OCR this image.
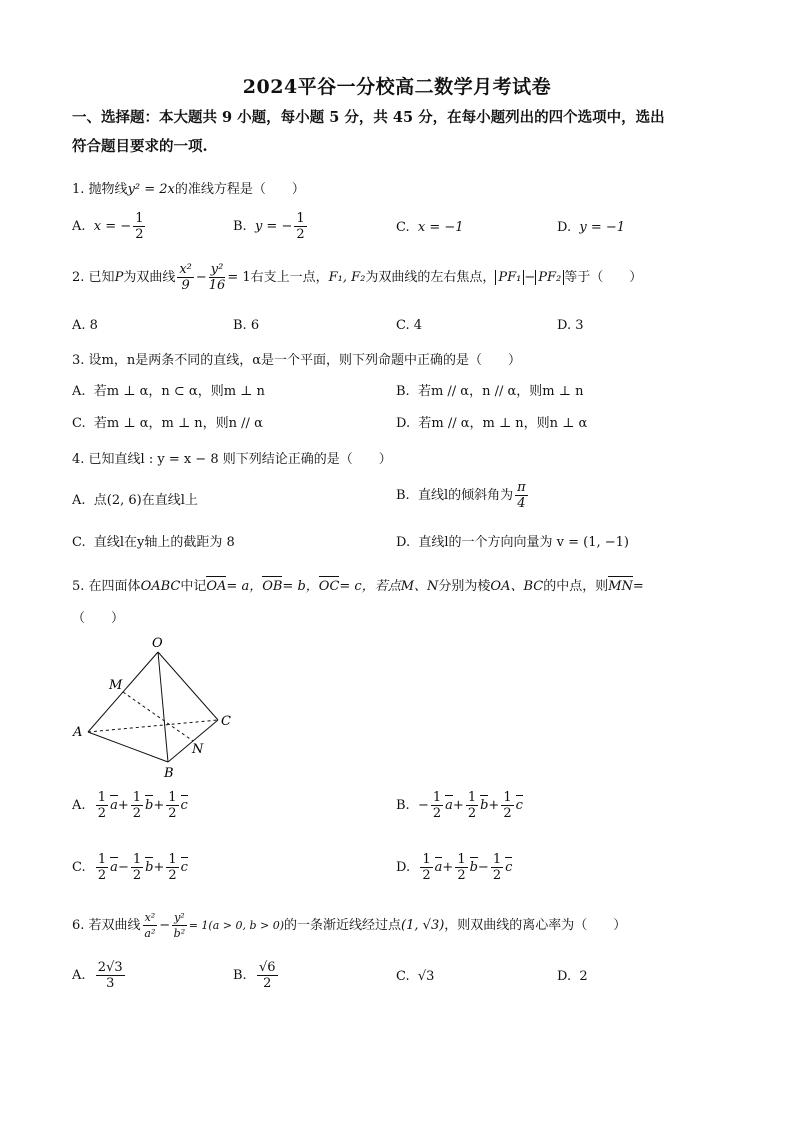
2024平谷一分校高二数学月考试卷
一、选择题：本大题共 9 小题，每小题 5 分，共 45 分，在每小题列出的四个选项中，选出
符合题目要求的一项.
1. 抛物线y² = 2x的准线方程是（　　）
A. x = − $\frac{1}{2}$	B. y = − $\frac{1}{2}$	C. x = −1	D. y = −1
2. 已知P为双曲线 $\frac{\text{x²}}{9} - \frac{\text{y²}}{16} = 1$右支上一点，F₁, F₂为双曲线的左右焦点， PF₁ − PF₂ 等于（　　）
A. 8	B. 6	C. 4	D. 3
3. 设m，n是两条不同的直线，α是一个平面，则下列命题中正确的是（　　）
A. 若m ⊥ α，n ⊂ α，则m ⊥ n	B. 若m // α，n // α，则m ⊥ n
C. 若m ⊥ α，m ⊥ n，则n // α	D. 若m // α，m ⊥ n，则n ⊥ α
4. 已知直线l : y = x − 8 则下列结论正确的是（　　）
A. 点(2, 6)在直线l上	B. 直线l的倾斜角为 $\frac{\pi}{4}$
C. 直线l在y轴上的截距为 8	D. 直线l的一个方向向量为 v = (1, −1)
5. 在四面体OABC中记OA= a，OB= b，OC= c，若点M、N分别为棱OA、BC的中点，则MN=
（　　）
O
A
B
C
M
N
A. $\frac{1}{2} a+ \frac{1}{2} b+ \frac{1}{2}$ c	B. − $\frac{1}{2} a+ \frac{1}{2} b+ \frac{1}{2}$ c
C. $\frac{1}{2} a- \frac{1}{2} b+ \frac{1}{2}$ c	D. $\frac{1}{2} a+ \frac{1}{2} b- \frac{1}{2}$ c
6. 若双曲线 $\frac{\text{x²}}{\text{a²}} - \frac{\text{y²}}{\text{b²}} = 1(a > 0$, b > 0)的一条渐近线经过点(1, √3)，则双曲线的离心率为（　　）
A. $\frac{2√3}{3}$	B. $\frac{√6}{2}$	C. √3	D. 2
